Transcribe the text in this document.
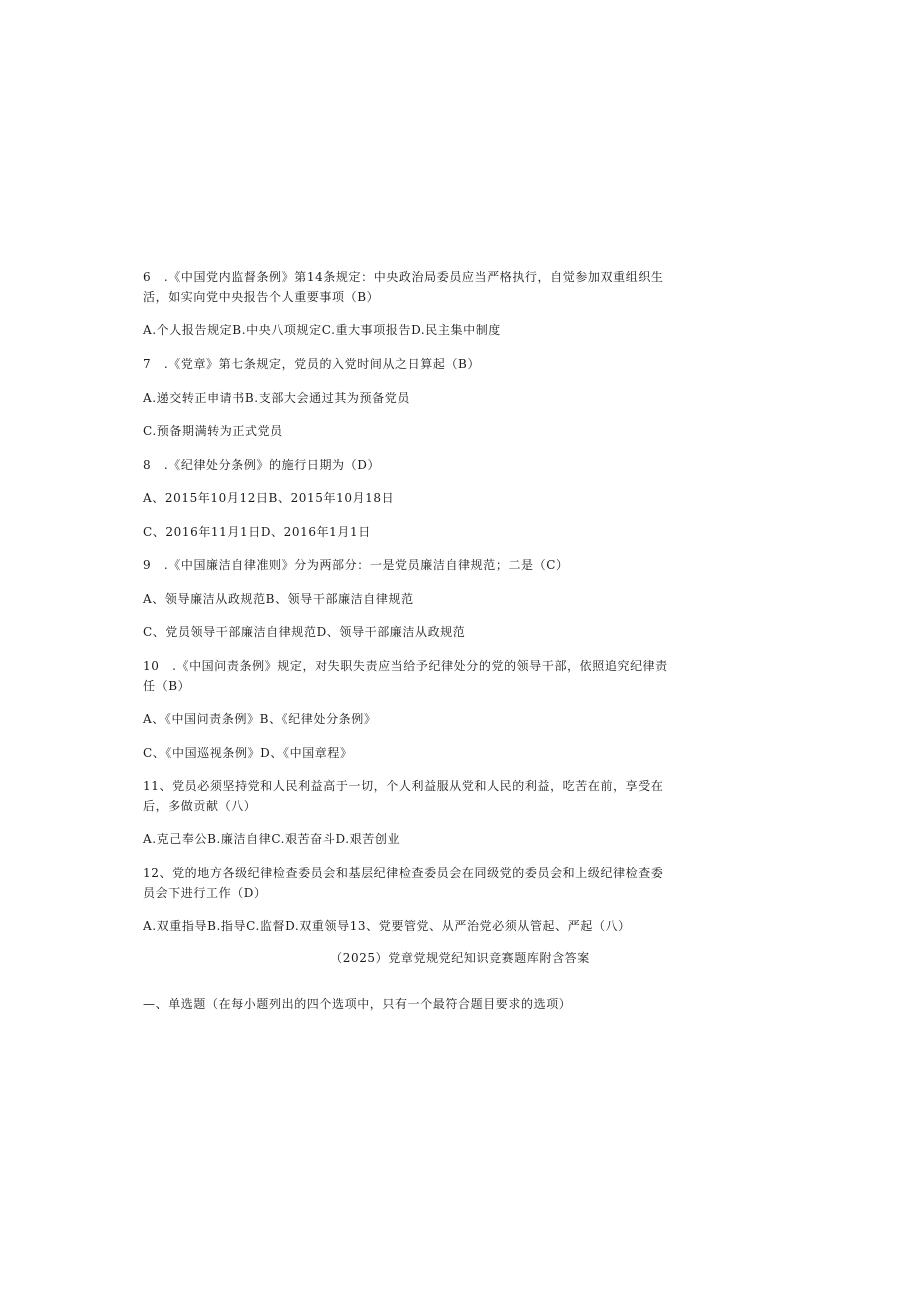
6　.《中国党内监督条例》第14条规定：中央政治局委员应当严格执行，自觉参加双重组织生
活，如实向党中央报告个人重要事项（B）
A.个人报告规定B.中央八项规定C.重大事项报告D.民主集中制度
7　.《党章》第七条规定，党员的入党时间从之日算起（B）
A.递交转正申请书B.支部大会通过其为预备党员
C.预备期满转为正式党员
8　.《纪律处分条例》的施行日期为（D）
A、2015年10月12日B、2015年10月18日
C、2016年11月1日D、2016年1月1日
9　.《中国廉洁自律准则》分为两部分：一是党员廉洁自律规范；二是（C）
A、领导廉洁从政规范B、领导干部廉洁自律规范
C、党员领导干部廉洁自律规范D、领导干部廉洁从政规范
10　.《中国问责条例》规定，对失职失责应当给予纪律处分的党的领导干部，依照追究纪律责
任（B）
A、《中国问责条例》B、《纪律处分条例》
C、《中国巡视条例》D、《中国章程》
11、党员必须坚持党和人民利益高于一切，个人利益服从党和人民的利益，吃苦在前，享受在
后，多做贡献（八）
A.克己奉公B.廉洁自律C.艰苦奋斗D.艰苦创业
12、党的地方各级纪律检查委员会和基层纪律检查委员会在同级党的委员会和上级纪律检查委
员会下进行工作（D）
A.双重指导B.指导C.监督D.双重领导13、党要管党、从严治党必须从管起、严起（八）
（2025）党章党规党纪知识竞赛题库附含答案
—、单选题（在每小题列出的四个选项中，只有一个最符合题目要求的选项）
